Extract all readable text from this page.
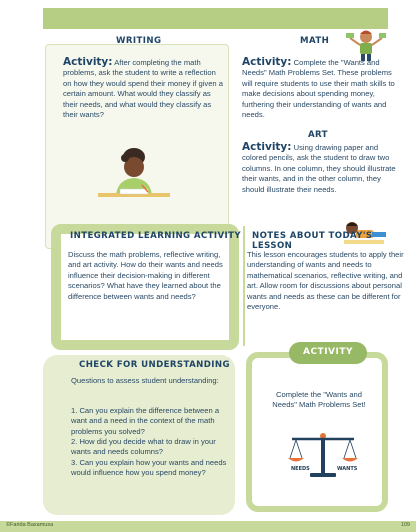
WRITING
Activity: After completing the math problems, ask the student to write a reflection on how they would spend their money if given a certain amount. What would they classify as their needs, and what would they classify as their wants?
MATH
Activity: Complete the "Wants and Needs" Math Problems Set. These problems will require students to use their math skills to make decisions about spending money, furthering their understanding of wants and needs.
ART
Activity: Using drawing paper and colored pencils, ask the student to draw two columns. In one column, they should illustrate their wants, and in the other column, they should illustrate their needs.
INTEGRATED LEARNING ACTIVITY
Discuss the math problems, reflective writing, and art activity. How do their wants and needs influence their decision-making in different scenarios? What have they learned about the difference between wants and needs?
NOTES ABOUT TODAY'S LESSON
This lesson encourages students to apply their understanding of wants and needs to mathematical scenarios, reflective writing, and art. Allow room for discussions about personal wants and needs as these can be different for everyone.
CHECK FOR UNDERSTANDING
Questions to assess student understanding:
1. Can you explain the difference between a want and a need in the context of the math problems you solved?
2. How did you decide what to draw in your wants and needs columns?
3. Can you explain how your wants and needs would influence how you spend money?
ACTIVITY
Complete the "Wants and Needs" Math Problems Set!
NEEDS	WANTS
©Farida Baxamusa	109
